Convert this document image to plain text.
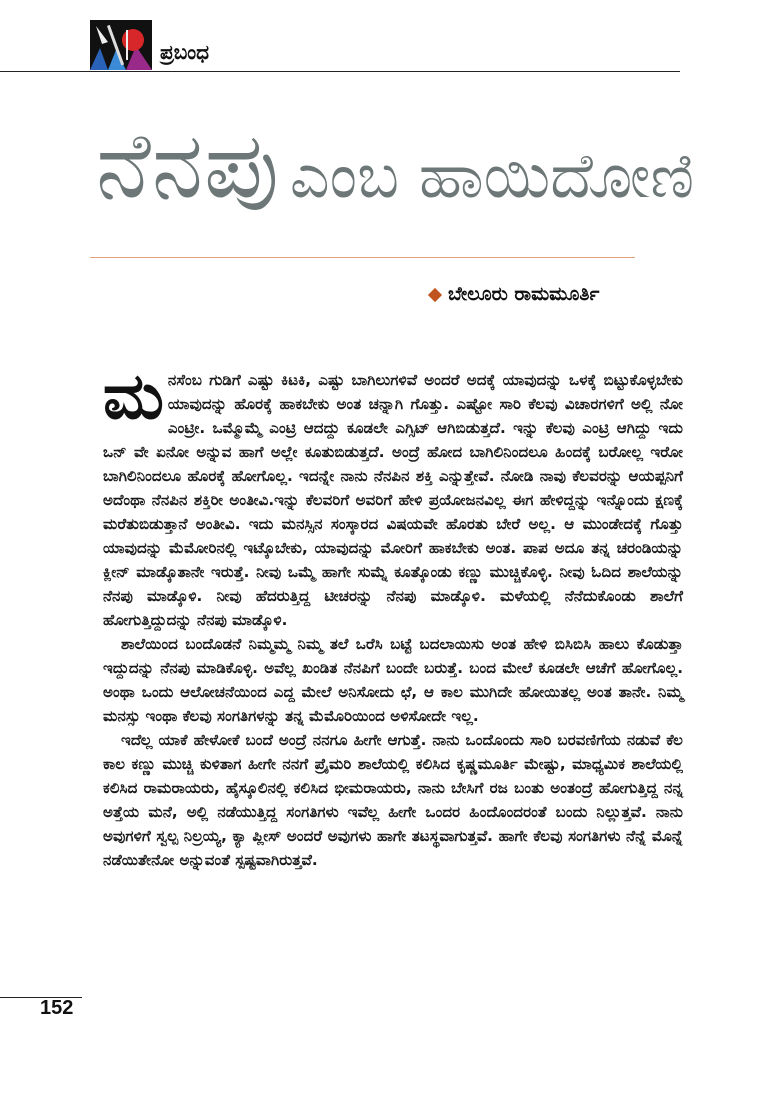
ಪ್ರಬಂಧ
ನೆನಪು ಎಂಬ ಹಾಯಿದೋಣಿ
ಬೇಲೂರು ರಾಮಮೂರ್ತಿ

ಮನಸೆಂಬ ಗುಡಿಗೆ ಎಷ್ಟು ಕಿಟಕಿ, ಎಷ್ಟು ಬಾಗಿಲುಗಳಿವೆ ಅಂದರೆ ಅದಕ್ಕೆ ಯಾವುದನ್ನು ಒಳಕ್ಕೆ ಬಿಟ್ಟುಕೊಳ್ಳಬೇಕು ಯಾವುದನ್ನು ಹೊರಕ್ಕೆ ಹಾಕಬೇಕು ಅಂತ ಚನ್ನಾಗಿ ಗೊತ್ತು. ಎಷ್ಟೋ ಸಾರಿ ಕೆಲವು ವಿಚಾರಗಳಿಗೆ ಅಲ್ಲಿ ನೋ ಎಂಟ್ರೀ. ಒಮ್ಮೊಮ್ಮೆ ಎಂಟ್ರಿ ಆದದ್ದು ಕೂಡಲೇ ಎಗ್ಸಿಟ್ ಆಗಿಬಿಡುತ್ತದೆ. ಇನ್ನು ಕೆಲವು ಎಂಟ್ರಿ ಆಗಿದ್ದು ಇದು ಒನ್ ವೇ ಏನೋ ಅನ್ನುವ ಹಾಗೆ ಅಲ್ಲೇ ಕೂತುಬಿಡುತ್ತದೆ. ಅಂದ್ರೆ ಹೋದ ಬಾಗಿಲಿನಿಂದಲೂ ಹಿಂದಕ್ಕೆ ಬರೋಲ್ಲ ಇರೋ ಬಾಗಿಲಿನಿಂದಲೂ ಹೊರಕ್ಕೆ ಹೋಗೊಲ್ಲ. ಇದನ್ನೇ ನಾನು ನೆನಪಿನ ಶಕ್ತಿ ಎನ್ನುತ್ತೇವೆ. ನೋಡಿ ನಾವು ಕೆಲವರನ್ನು ಆಯಪ್ಪನಿಗೆ ಅದೆಂಥಾ ನೆನಪಿನ ಶಕ್ತಿರೀ ಅಂತೀವಿ.ಇನ್ನು ಕೆಲವರಿಗೆ ಅವರಿಗೆ ಹೇಳಿ ಪ್ರಯೋಜನವಿಲ್ಲ ಈಗ ಹೇಳಿದ್ದನ್ನು ಇನ್ನೊಂದು ಕ್ಷಣಕ್ಕೆ ಮರೆತುಬಿಡುತ್ತಾನೆ ಅಂತೀವಿ. ಇದು ಮನಸ್ಸಿನ ಸಂಸ್ಕಾರದ ವಿಷಯವೇ ಹೊರತು ಬೇರೆ ಅಲ್ಲ. ಆ ಮುಂಡೇದಕ್ಕೆ ಗೊತ್ತು ಯಾವುದನ್ನು ಮೆಮೋರಿನಲ್ಲಿ ಇಟ್ಕೊಬೇಕು, ಯಾವುದನ್ನು ಮೋರಿಗೆ ಹಾಕಬೇಕು ಅಂತ. ಪಾಪ ಅದೂ ತನ್ನ ಚರಂಡಿಯನ್ನು ಕ್ಲೀನ್ ಮಾಡ್ಕೊತಾನೇ ಇರುತ್ತೆ. ನೀವು ಒಮ್ಮೆ ಹಾಗೇ ಸುಮ್ನೆ ಕೂತ್ಕೊಂಡು ಕಣ್ಣು ಮುಚ್ಚಿಕೊಳ್ಳಿ. ನೀವು ಓದಿದ ಶಾಲೆಯನ್ನು ನೆನಪು ಮಾಡ್ಕೊಳಿ. ನೀವು ಹೆದರುತ್ತಿದ್ದ ಟೀಚರನ್ನು ನೆನಪು ಮಾಡ್ಕೊಳಿ. ಮಳೆಯಲ್ಲಿ ನೆನೆದುಕೊಂಡು ಶಾಲೆಗೆ ಹೋಗುತ್ತಿದ್ದುದನ್ನು ನೆನಪು ಮಾಡ್ಕೊಳಿ.

ಶಾಲೆಯಿಂದ ಬಂದೊಡನೆ ನಿಮ್ಮಮ್ಮ ನಿಮ್ಮ ತಲೆ ಒರೆಸಿ ಬಟ್ಟೆ ಬದಲಾಯಿಸು ಅಂತ ಹೇಳಿ ಬಿಸಿಬಿಸಿ ಹಾಲು ಕೊಡುತ್ತಾ ಇದ್ದುದನ್ನು ನೆನಪು ಮಾಡಿಕೊಳ್ಳಿ. ಅವೆಲ್ಲ ಖಂಡಿತ ನೆನಪಿಗೆ ಬಂದೇ ಬರುತ್ತೆ. ಬಂದ ಮೇಲೆ ಕೂಡಲೇ ಆಚೆಗೆ ಹೋಗೊಲ್ಲ. ಅಂಥಾ ಒಂದು ಆಲೋಚನೆಯಿಂದ ಎದ್ದ ಮೇಲೆ ಅನಿಸೋದು ಛೆ, ಆ ಕಾಲ ಮುಗಿದೇ ಹೋಯಿತಲ್ಲ ಅಂತ ತಾನೇ. ನಿಮ್ಮ ಮನಸ್ಸು ಇಂಥಾ ಕೆಲವು ಸಂಗತಿಗಳನ್ನು ತನ್ನ ಮೆಮೊರಿಯಿಂದ ಅಳಿಸೋದೇ ಇಲ್ಲ.

ಇದೆಲ್ಲ ಯಾಕೆ ಹೇಳೋಕೆ ಬಂದೆ ಅಂದ್ರೆ ನನಗೂ ಹೀಗೇ ಆಗುತ್ತೆ. ನಾನು ಒಂದೊಂದು ಸಾರಿ ಬರವಣಿಗೆಯ ನಡುವೆ ಕೆಲ ಕಾಲ ಕಣ್ಣು ಮುಚ್ಚಿ ಕುಳಿತಾಗ ಹೀಗೇ ನನಗೆ ಪ್ರೈಮರಿ ಶಾಲೆಯಲ್ಲಿ ಕಲಿಸಿದ ಕೃಷ್ಣಮೂರ್ತಿ ಮೇಷ್ಟು, ಮಾಧ್ಯಮಿಕ ಶಾಲೆಯಲ್ಲಿ ಕಲಿಸಿದ ರಾಮರಾಯರು, ಹೈಸ್ಕೂಲಿನಲ್ಲಿ ಕಲಿಸಿದ ಭೀಮರಾಯರು, ನಾನು ಬೇಸಿಗೆ ರಜ ಬಂತು ಅಂತಂದ್ರೆ ಹೋಗುತ್ತಿದ್ದ ನನ್ನ ಅತ್ತೆಯ ಮನೆ, ಅಲ್ಲಿ ನಡೆಯುತ್ತಿದ್ದ ಸಂಗತಿಗಳು ಇವೆಲ್ಲ ಹೀಗೇ ಒಂದರ ಹಿಂದೊಂದರಂತೆ ಬಂದು ನಿಲ್ಲುತ್ತವೆ. ನಾನು ಅವುಗಳಿಗೆ ಸ್ವಲ್ಪ ನಿಲ್ರಯ್ಯ, ಕ್ಯಾ ಪ್ಲೀಸ್ ಅಂದರೆ ಅವುಗಳು ಹಾಗೇ ತಟಸ್ಥವಾಗುತ್ತವೆ. ಹಾಗೇ ಕೆಲವು ಸಂಗತಿಗಳು ನೆನ್ನೆ ಮೊನ್ನೆ ನಡೆಯಿತೇನೋ ಅನ್ನುವಂತೆ ಸ್ಪಷ್ಟವಾಗಿರುತ್ತವೆ.

152
